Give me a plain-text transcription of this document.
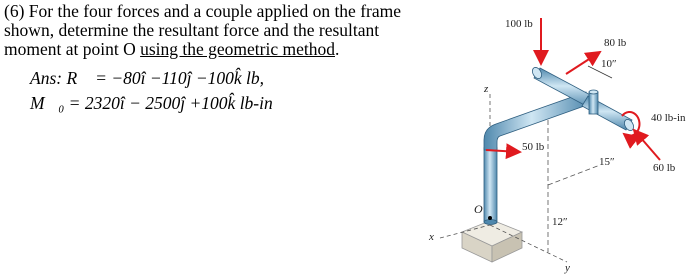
(6) For the four forces and a couple applied on the frame
shown, determine the resultant force and the resultant
moment at point O using the geometric method.
Ans: R⃗ = −80î −110ĵ −100k̂ lb,
M⃗₀ = 2320î − 2500ĵ +100k̂ lb-in
100 lb
80 lb
10″
40 lb-in
50 lb
15″	60 lb
12″
z
x
y
O
